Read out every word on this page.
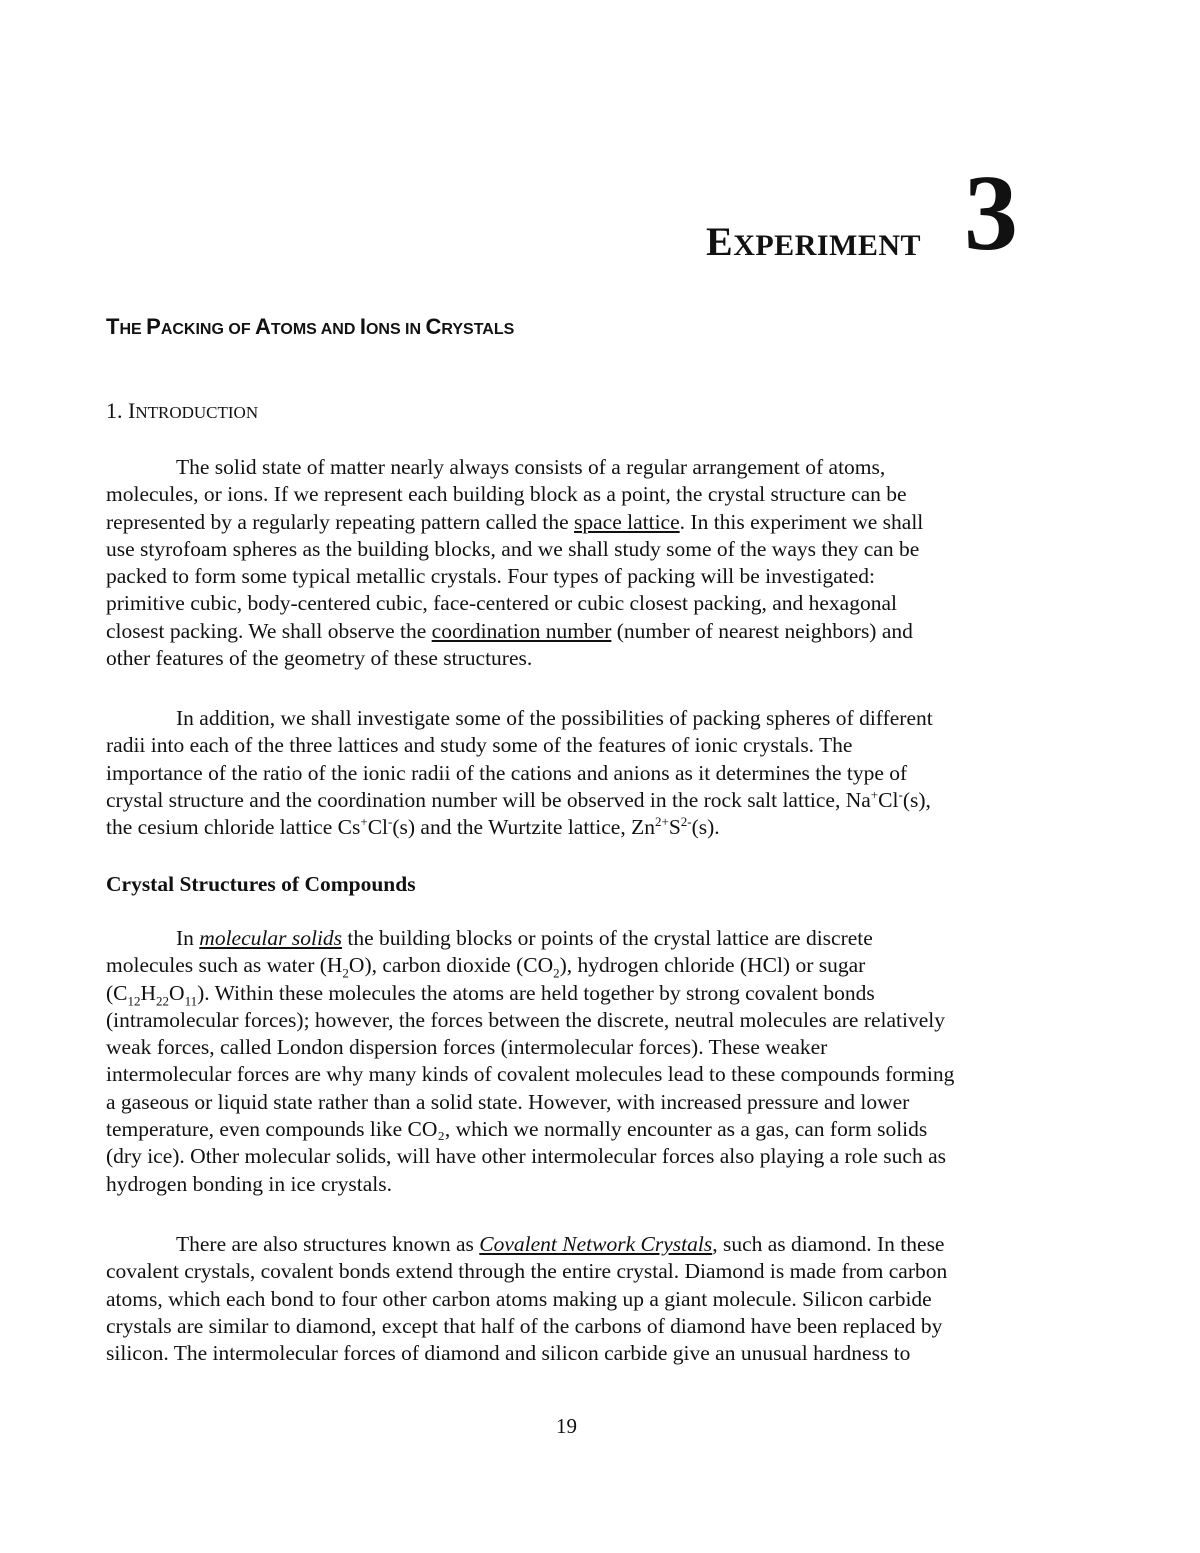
EXPERIMENT 3
THE PACKING OF ATOMS AND IONS IN CRYSTALS
1. INTRODUCTION
The solid state of matter nearly always consists of a regular arrangement of atoms,
molecules, or ions. If we represent each building block as a point, the crystal structure can be
represented by a regularly repeating pattern called the space lattice. In this experiment we shall
use styrofoam spheres as the building blocks, and we shall study some of the ways they can be
packed to form some typical metallic crystals. Four types of packing will be investigated:
primitive cubic, body-centered cubic, face-centered or cubic closest packing, and hexagonal
closest packing. We shall observe the coordination number (number of nearest neighbors) and
other features of the geometry of these structures.
In addition, we shall investigate some of the possibilities of packing spheres of different
radii into each of the three lattices and study some of the features of ionic crystals. The
importance of the ratio of the ionic radii of the cations and anions as it determines the type of
crystal structure and the coordination number will be observed in the rock salt lattice, Na+Cl-(s),
the cesium chloride lattice Cs+Cl-(s) and the Wurtzite lattice, $Zn^{2+}S^{2-}(s)$.
Crystal Structures of Compounds
In molecular solids the building blocks or points of the crystal lattice are discrete
molecules such as water $(H_2O)$, carbon dioxide $(CO_2)$, hydrogen chloride (HCl) or sugar
$(C_{12}H_{22}O_{11})$. Within these molecules the atoms are held together by strong covalent bonds
(intramolecular forces); however, the forces between the discrete, neutral molecules are relatively
weak forces, called London dispersion forces (intermolecular forces). These weaker
intermolecular forces are why many kinds of covalent molecules lead to these compounds forming
a gaseous or liquid state rather than a solid state. However, with increased pressure and lower
temperature, even compounds like CO₂, which we normally encounter as a gas, can form solids
(dry ice). Other molecular solids, will have other intermolecular forces also playing a role such as
hydrogen bonding in ice crystals.
There are also structures known as Covalent Network Crystals, such as diamond. In these
covalent crystals, covalent bonds extend through the entire crystal. Diamond is made from carbon
atoms, which each bond to four other carbon atoms making up a giant molecule. Silicon carbide
crystals are similar to diamond, except that half of the carbons of diamond have been replaced by
silicon. The intermolecular forces of diamond and silicon carbide give an unusual hardness to
19
